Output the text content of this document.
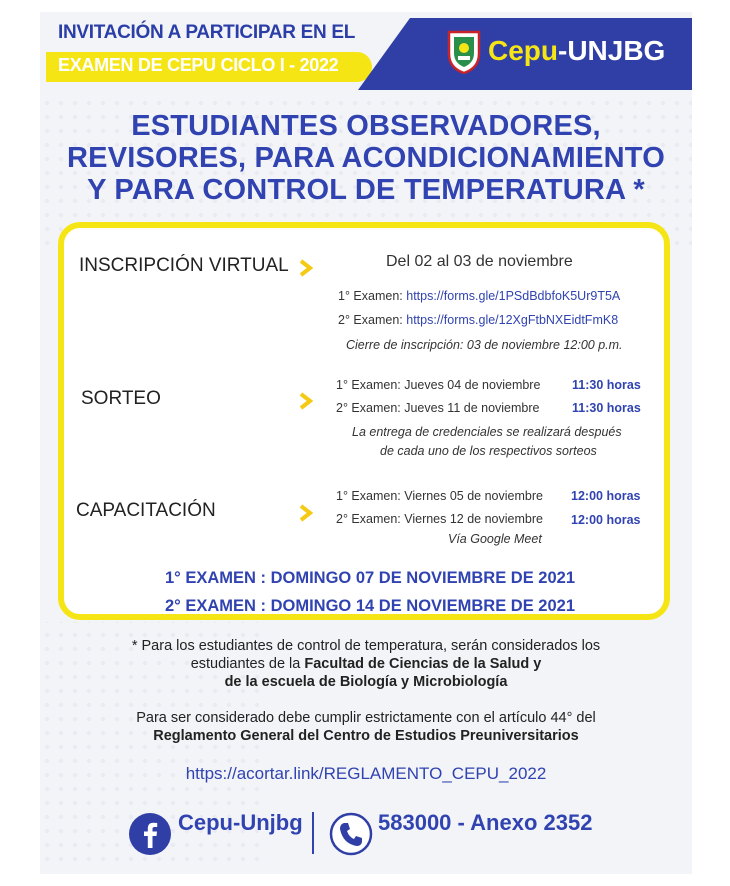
INVITACIÓN A PARTICIPAR EN EL
EXAMEN DE CEPU CICLO I - 2022	Cepu-UNJBG
ESTUDIANTES OBSERVADORES,
REVISORES, PARA ACONDICIONAMIENTO
Y PARA CONTROL DE TEMPERATURA *
INSCRIPCIÓN VIRTUAL	Del 02 al 03 de noviembre
1° Examen: https://forms.gle/1PSdBdbfoK5Ur9T5A
2° Examen: https://forms.gle/12XgFtbNXEidtFmK8
Cierre de inscripción: 03 de noviembre 12:00 p.m.
SORTEO
1° Examen: Jueves 04 de noviembre	11:30 horas
2° Examen: Jueves 11 de noviembre	11:30 horas
La entrega de credenciales se realizará después
de cada uno de los respectivos sorteos
CAPACITACIÓN
1° Examen: Viernes 05 de noviembre 12:00 horas
2° Examen: Viernes 12 de noviembre 12:00 horas
Vía Google Meet
1° EXAMEN : DOMINGO 07 DE NOVIEMBRE DE 2021
2° EXAMEN : DOMINGO 14 DE NOVIEMBRE DE 2021
* Para los estudiantes de control de temperatura, serán considerados los
estudiantes de la Facultad de Ciencias de la Salud y
de la escuela de Biología y Microbiología
Para ser considerado debe cumplir estrictamente con el artículo 44° del
Reglamento General del Centro de Estudios Preuniversitarios
https://acortar.link/REGLAMENTO_CEPU_2022
Cepu-Unjbg	583000 - Anexo 2352
